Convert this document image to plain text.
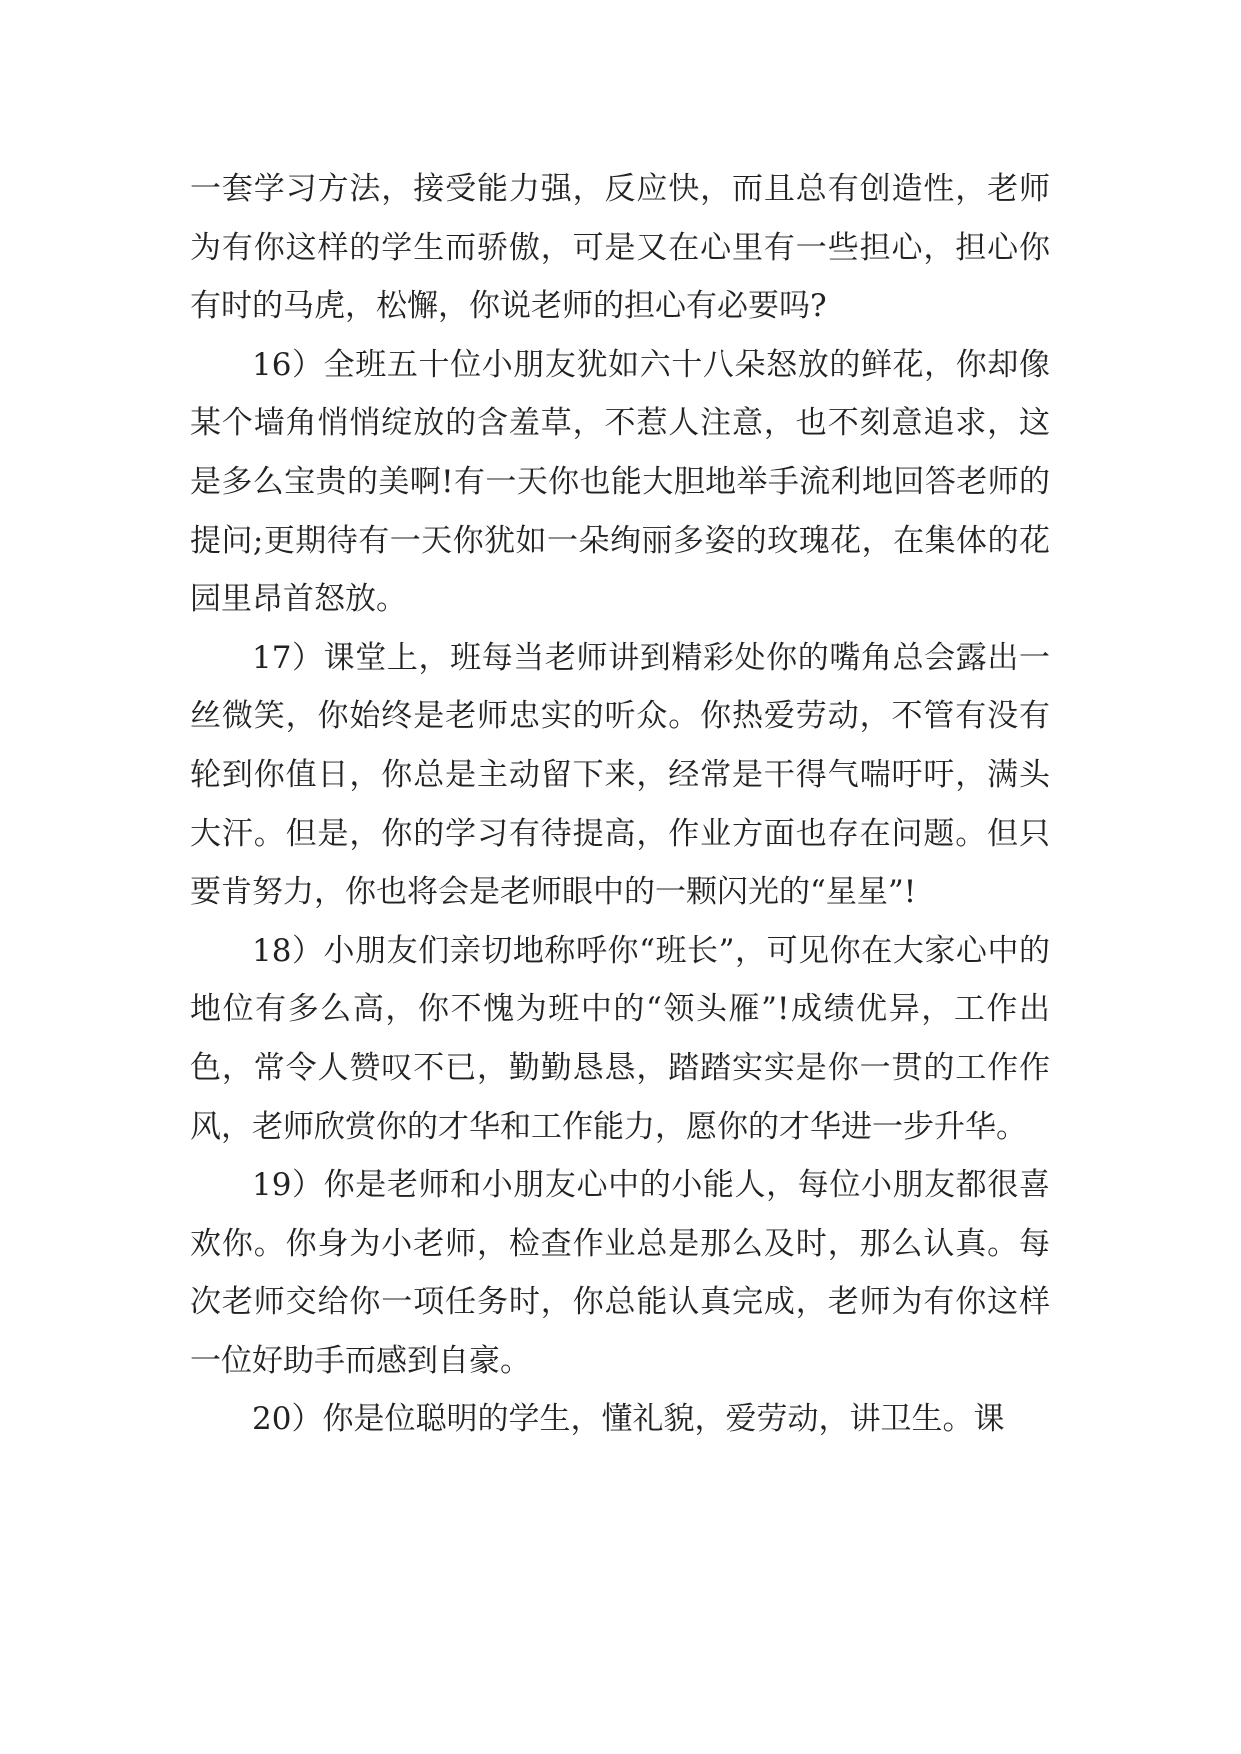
一套学习方法，接受能力强，反应快，而且总有创造性，老师为有你这样的学生而骄傲，可是又在心里有一些担心，担心你有时的马虎，松懈，你说老师的担心有必要吗?

16）全班五十位小朋友犹如六十八朵怒放的鲜花，你却像某个墙角悄悄绽放的含羞草，不惹人注意，也不刻意追求，这是多么宝贵的美啊!有一天你也能大胆地举手流利地回答老师的提问;更期待有一天你犹如一朵绚丽多姿的玫瑰花，在集体的花园里昂首怒放。

17）课堂上，班每当老师讲到精彩处你的嘴角总会露出一丝微笑，你始终是老师忠实的听众。你热爱劳动，不管有没有轮到你值日，你总是主动留下来，经常是干得气喘吁吁，满头大汗。但是，你的学习有待提高，作业方面也存在问题。但只要肯努力，你也将会是老师眼中的一颗闪光的“星星”!

18）小朋友们亲切地称呼你“班长”，可见你在大家心中的地位有多么高，你不愧为班中的“领头雁”!成绩优异，工作出色，常令人赞叹不已，勤勤恳恳，踏踏实实是你一贯的工作作风，老师欣赏你的才华和工作能力，愿你的才华进一步升华。

19）你是老师和小朋友心中的小能人，每位小朋友都很喜欢你。你身为小老师，检查作业总是那么及时，那么认真。每次老师交给你一项任务时，你总能认真完成，老师为有你这样一位好助手而感到自豪。

20）你是位聪明的学生，懂礼貌，爱劳动，讲卫生。课
